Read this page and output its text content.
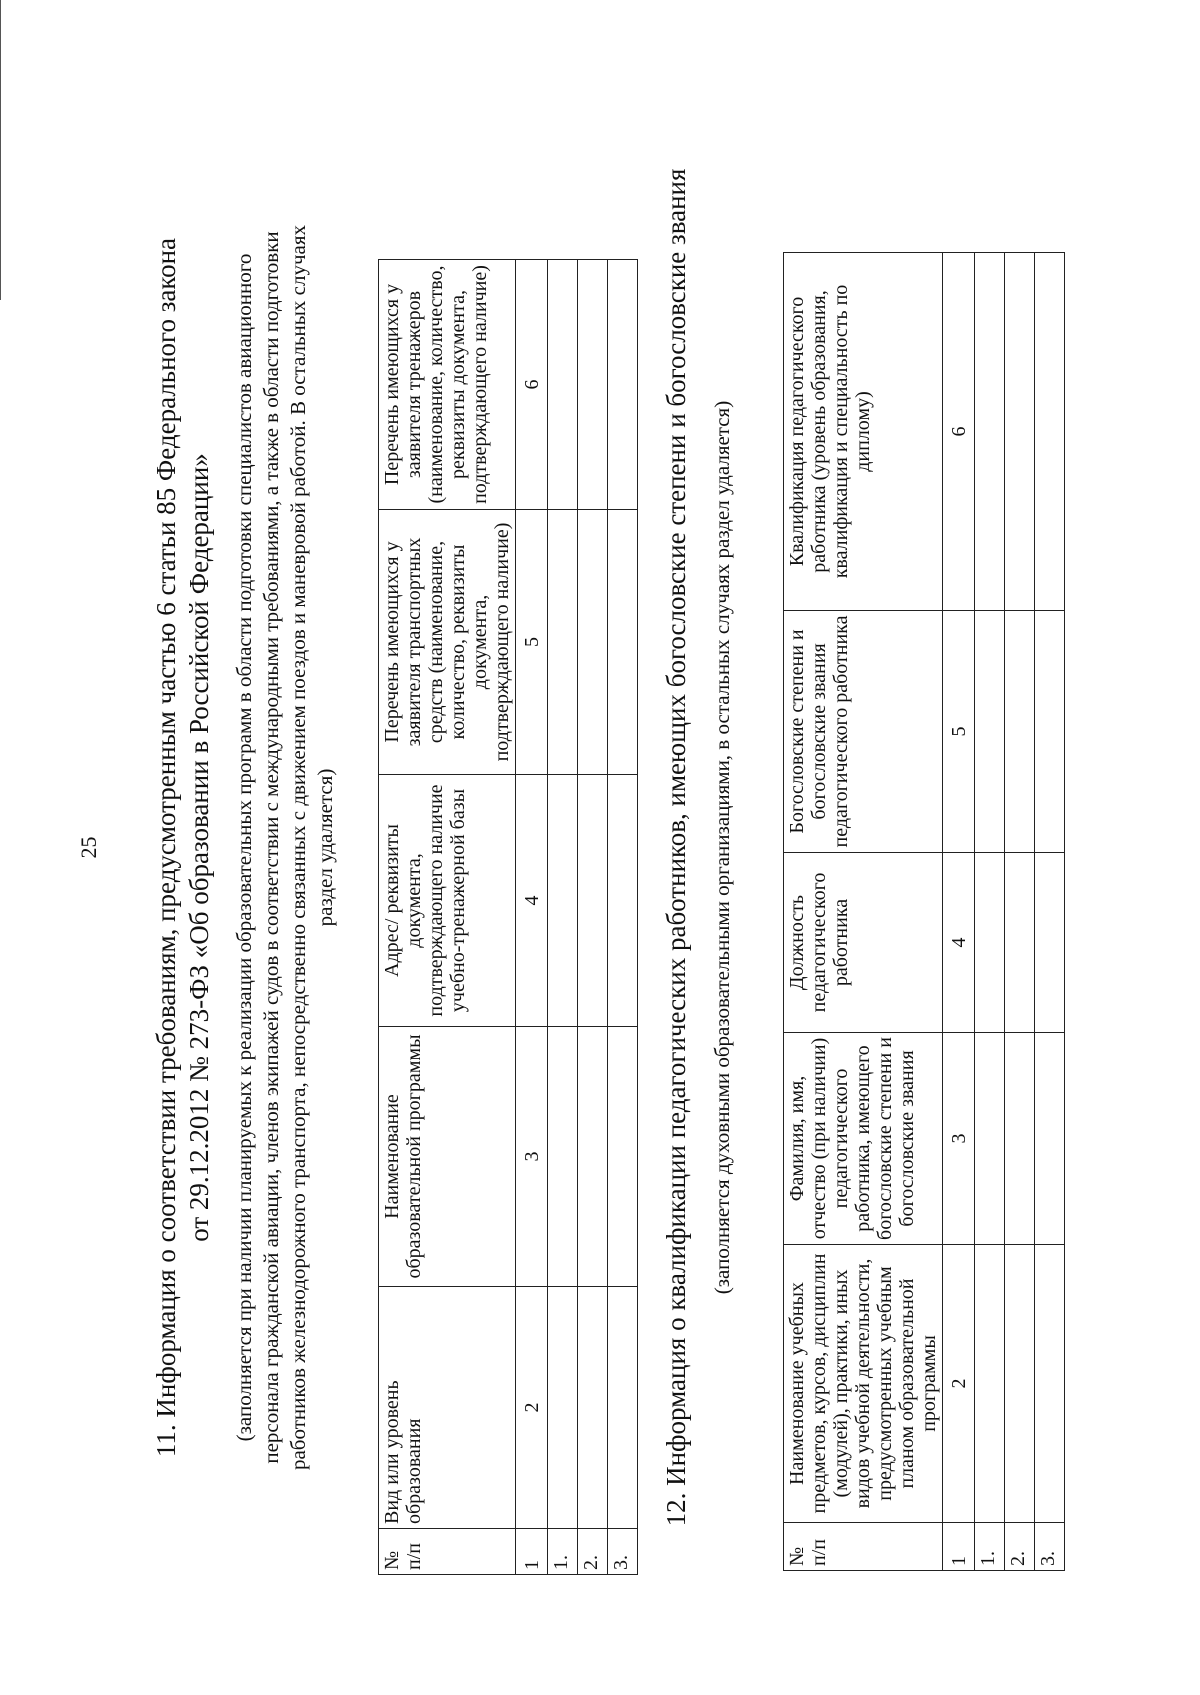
25 11. Информация о соответствии требованиям, предусмотренным частью 6 статьи 85 Федерального закона от 29.12.2012 № 273-ФЗ «Об образовании в Российской Федерации» (заполняется при наличии планируемых к реализации образовательных программ в области подготовки специалистов авиационного персонала гражданской авиации, членов экипажей судов в соответствии с международными требованиями, а также в области подготовки работников железнодорожного транспорта, непосредственно связанных с движением поездов и маневровой работой. В остальных случаях раздел удаляется)
№ п/п	Вид или уровень образования	Наименование образовательной программы	Адрес/ реквизиты документа, подтверждающего наличие учебно-тренажерной базы	Перечень имеющихся у заявителя транспортных средств (наименование, количество, реквизиты документа, подтверждающего наличие)	Перечень имеющихся у заявителя тренажеров (наименование, количество, реквизиты документа, подтверждающего наличие)
1	2	3	4	5	6
1.					
2.					
3.					
12. Информация о квалификации педагогических работников, имеющих богословские степени и богословские звания (заполняется духовными образовательными организациями, в остальных случаях раздел удаляется)
№ п/п	Наименование учебных предметов, курсов, дисциплин (модулей), практики, иных видов учебной деятельности, предусмотренных учебным планом образовательной программы	Фамилия, имя, отчество (при наличии) педагогического работника, имеющего богословские степени и богословские звания	Должность педагогического работника	Богословские степени и богословские звания педагогического работника	Квалификация педагогического работника (уровень образования, квалификация и специальность по диплому)
1	2	3	4	5	6
1.					
2.					
3.					
